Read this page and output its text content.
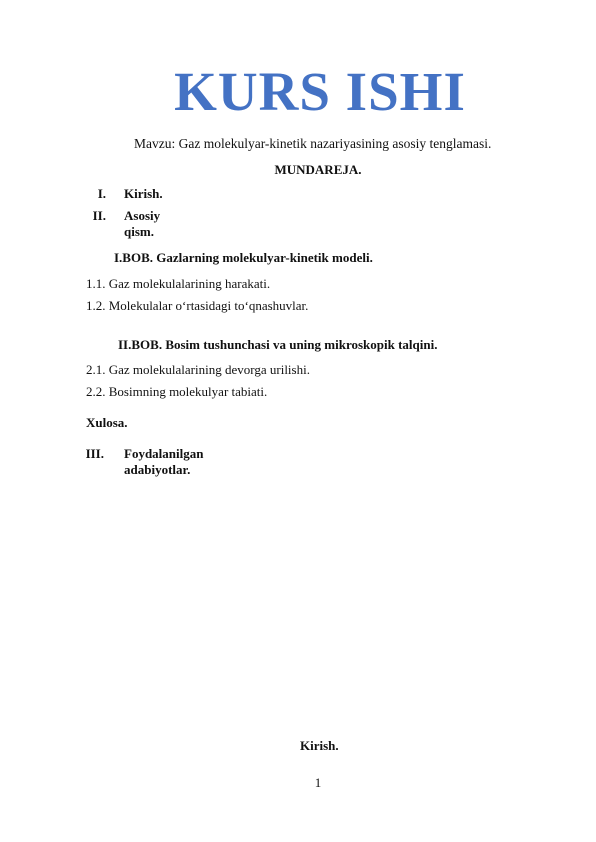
KURS ISHI
Mavzu: Gaz molekulyar-kinetik nazariyasining asosiy tenglamasi.
MUNDAREJA.
I. Kirish.
II. Asosiy qism.
I.BOB. Gazlarning molekulyar-kinetik modeli.
1.1. Gaz molekulalarining harakati.
1.2. Molekulalar o‘rtasidagi to‘qnashuvlar.
II.BOB. Bosim tushunchasi va uning mikroskopik talqini.
2.1. Gaz molekulalarining devorga urilishi.
2.2. Bosimning molekulyar tabiati.
Xulosa.
III. Foydalanilgan adabiyotlar.
Kirish.
1
